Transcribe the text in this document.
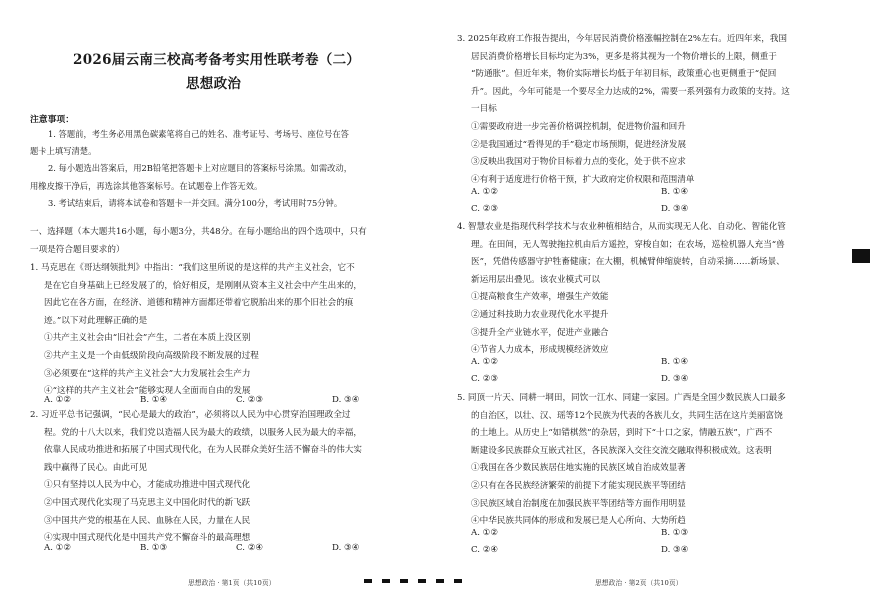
2026届云南三校高考备考实用性联考卷（二）
思想政治
注意事项：
1. 答题前，考生务必用黑色碳素笔将自己的姓名、准考证号、考场号、座位号在答
题卡上填写清楚。
2. 每小题选出答案后，用2B铅笔把答题卡上对应题目的答案标号涂黑。如需改动，
用橡皮擦干净后，再选涂其他答案标号。在试题卷上作答无效。
3. 考试结束后，请将本试卷和答题卡一并交回。满分100分，考试用时75分钟。
一、选择题（本大题共16小题，每小题3分，共48分。在每小题给出的四个选项中，只有
一项是符合题目要求的）
1. 马克思在《哥达纲领批判》中指出：“我们这里所说的是这样的共产主义社会，它不
是在它自身基础上已经发展了的，恰好相反，是刚刚从资本主义社会中产生出来的，
因此它在各方面，在经济、道德和精神方面都还带着它脱胎出来的那个旧社会的痕
迹。”以下对此理解正确的是
①共产主义社会由“旧社会”产生，二者在本质上没区别
②共产主义是一个由低级阶段向高级阶段不断发展的过程
③必须要在“这样的共产主义社会”大力发展社会生产力
④“这样的共产主义社会”能够实现人全面而自由的发展
A. ①②	B. ①④	C. ②③	D. ③④
2. 习近平总书记强调，“民心是最大的政治”，必须将以人民为中心贯穿治国理政全过
程。党的十八大以来，我们党以造福人民为最大的政绩，以服务人民为最大的幸福，
依靠人民成功推进和拓展了中国式现代化，在为人民群众美好生活不懈奋斗的伟大实
践中赢得了民心。由此可见
①只有坚持以人民为中心，才能成功推进中国式现代化
②中国式现代化实现了马克思主义中国化时代的新飞跃
③中国共产党的根基在人民、血脉在人民，力量在人民
④实现中国式现代化是中国共产党不懈奋斗的最高理想
A. ①②	B. ①③	C. ②④	D. ③④
思想政治 · 第1页（共10页）
3. 2025年政府工作报告提出，今年居民消费价格涨幅控制在2%左右。近四年来，我国
居民消费价格增长目标均定为3%，更多是将其视为一个物价增长的上限，侧重于
“防通胀”。但近年来，物价实际增长均低于年初目标，政策重心也更侧重于“促回
升”。因此，今年可能是一个要尽全力达成的2%，需要一系列强有力政策的支持。这
一目标
①需要政府进一步完善价格调控机制，促进物价温和回升
②是我国通过“看得见的手”稳定市场预期，促进经济发展
③反映出我国对于物价目标着力点的变化，处于供不应求
④有利于适度进行价格干预，扩大政府定价权限和范围清单
A. ①②	B. ①④
C. ②③	D. ③④
4. 智慧农业是指现代科学技术与农业种植相结合，从而实现无人化、自动化、智能化管
理。在田间，无人驾驶拖拉机由后方遥控，穿梭自如；在农场，巡检机器人充当“兽
医”，凭借传感器守护牲畜健康；在大棚，机械臂伸缩旋转，自动采摘……新场景、
新运用层出叠见。该农业模式可以
①提高粮食生产效率，增强生产效能
②通过科技助力农业现代化水平提升
③提升全产业链水平，促进产业融合
④节省人力成本，形成规模经济效应
A. ①②	B. ①④
C. ②③	D. ③④
5. 同顶一片天、同耕一垌田，同饮一江水、同建一家园。广西是全国少数民族人口最多
的自治区，以壮、汉、瑶等12个民族为代表的各族儿女，共同生活在这片美丽富饶
的土地上。从历史上“如错棋然”的杂居，到时下“十口之家，情融五族”，广西不
断建设多民族群众互嵌式社区，各民族深入交往交流交融取得积极成效。这表明
①我国在各少数民族居住地实施的民族区域自治成效显著
②只有在各民族经济繁荣的前提下才能实现民族平等团结
③民族区域自治制度在加强民族平等团结等方面作用明显
④中华民族共同体的形成和发展已是人心所向、大势所趋
A. ①②	B. ①③
C. ②④	D. ③④
思想政治 · 第2页（共10页）
